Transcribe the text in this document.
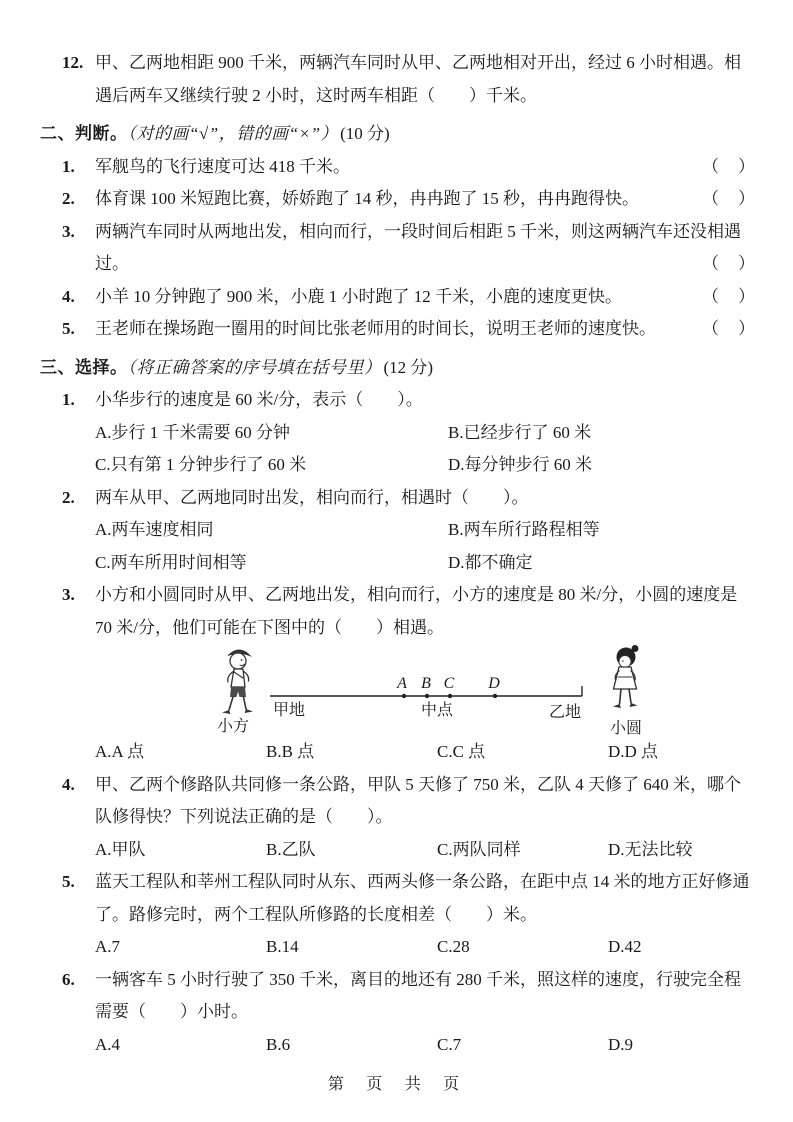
12. 甲、乙两地相距 900 千米，两辆汽车同时从甲、乙两地相对开出，经过 6 小时相遇。相遇后两车又继续行驶 2 小时，这时两车相距（　　）千米。
二、判断。（对的画“√”，错的画“×”） (10 分)
1.	军舰鸟的飞行速度可达 418 千米。	（　）
2.	体育课 100 米短跑比赛，娇娇跑了 14 秒，冉冉跑了 15 秒，冉冉跑得快。	（　）
3.	两辆汽车同时从两地出发，相向而行，一段时间后相距 5 千米，则这两辆汽车还没相遇过。	（　）
4.	小羊 10 分钟跑了 900 米，小鹿 1 小时跑了 12 千米，小鹿的速度更快。	（　）
5.	王老师在操场跑一圈用的时间比张老师用的时间长，说明王老师的速度快。	（　）
三、选择。（将正确答案的序号填在括号里） (12 分)
1.	小华步行的速度是 60 米/分，表示（　　）。
A.步行 1 千米需要 60 分钟	B.已经步行了 60 米
C.只有第 1 分钟步行了 60 米	D.每分钟步行 60 米
2.	两车从甲、乙两地同时出发，相向而行，相遇时（　　）。
A.两车速度相同	B.两车所行路程相等
C.两车所用时间相等	D.都不确定
3.	小方和小圆同时从甲、乙两地出发，相向而行，小方的速度是 80 米/分，小圆的速度是 70 米/分，他们可能在下图中的（　　）相遇。
A B C D
甲地	中点	乙地
小方	小圆
A.A 点	B.B 点	C.C 点	D.D 点
4.	甲、乙两个修路队共同修一条公路，甲队 5 天修了 750 米，乙队 4 天修了 640 米，哪个队修得快？下列说法正确的是（　　）。
A.甲队	B.乙队	C.两队同样	D.无法比较
5.	蓝天工程队和莘州工程队同时从东、西两头修一条公路，在距中点 14 米的地方正好修通了。路修完时，两个工程队所修路的长度相差（　　）米。
A.7	B.14	C.28	D.42
6.	一辆客车 5 小时行驶了 350 千米，离目的地还有 280 千米，照这样的速度，行驶完全程需要（　　）小时。
A.4	B.6	C.7	D.9
第 页 共 页
